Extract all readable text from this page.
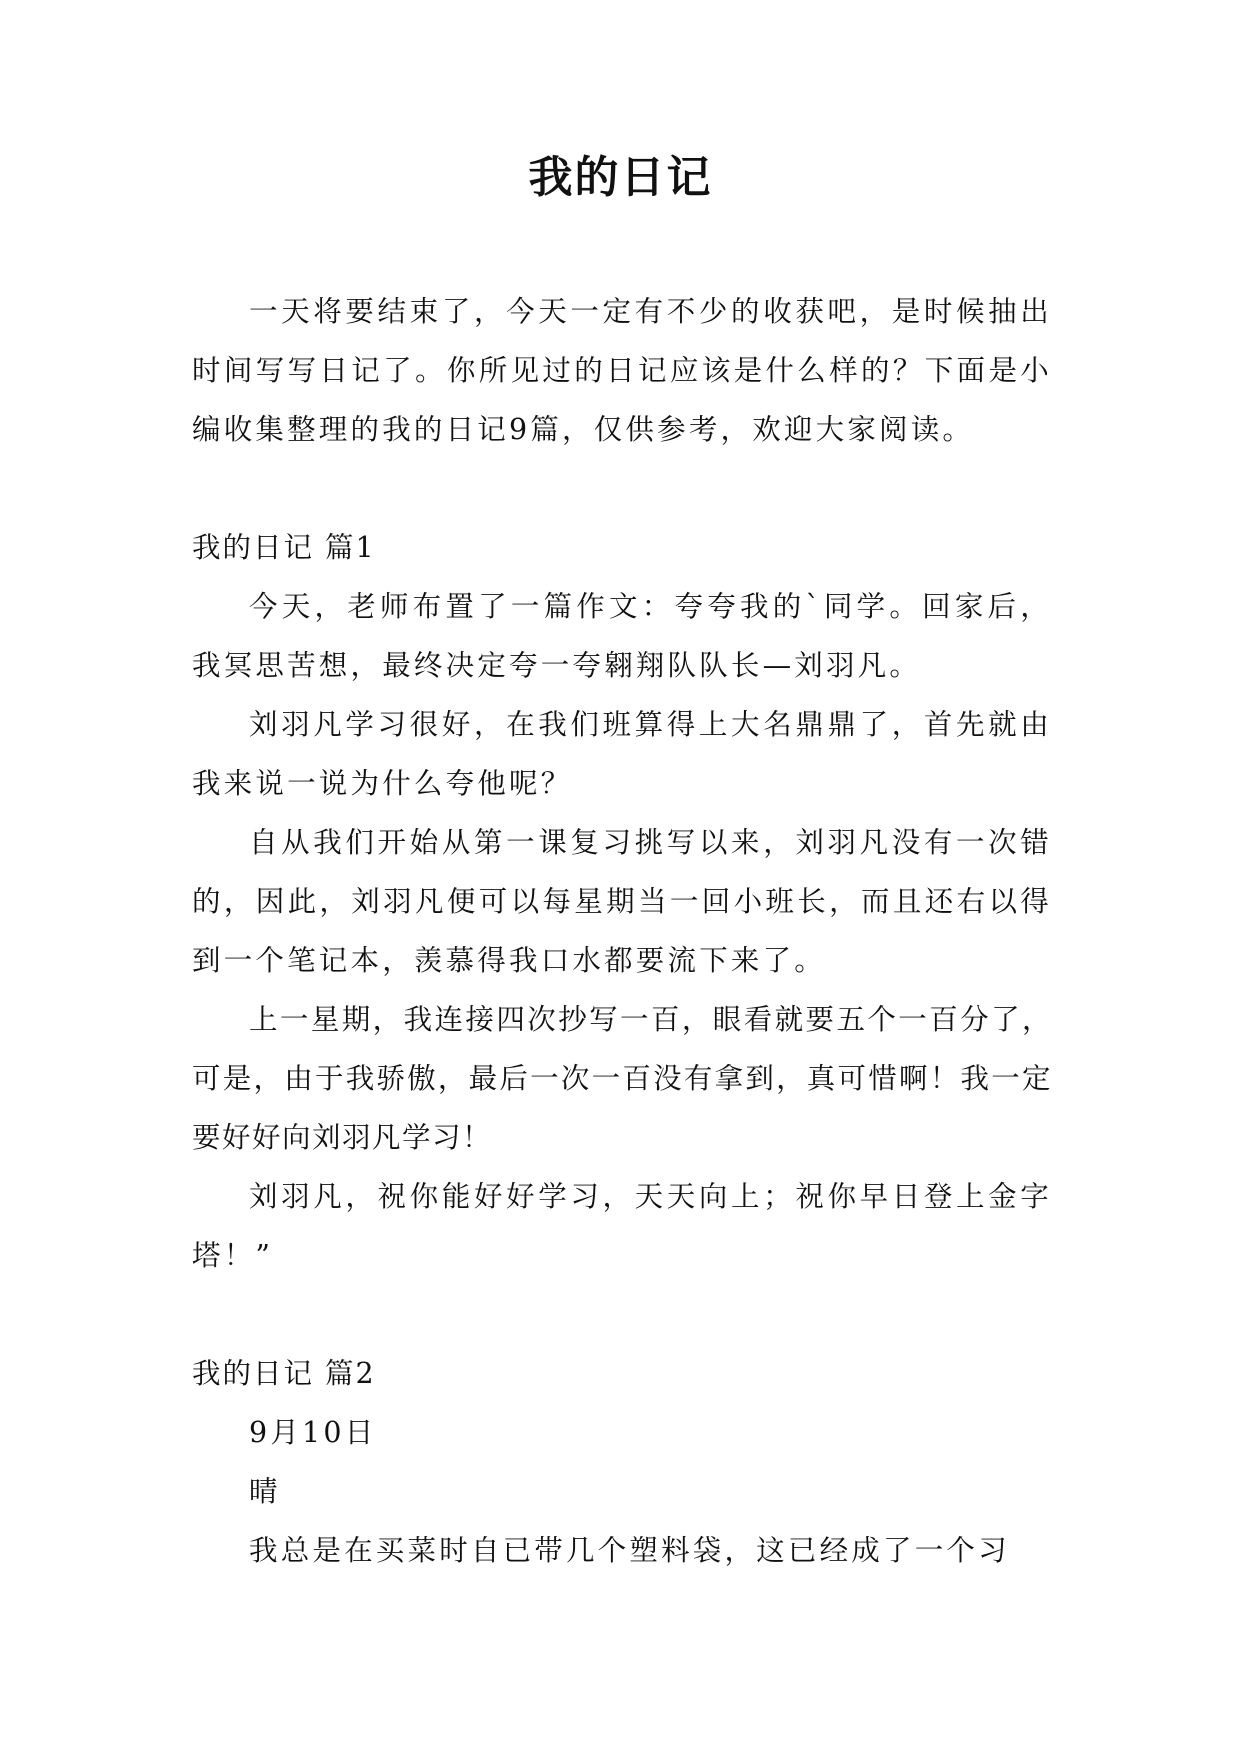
我的日记

一天将要结束了，今天一定有不少的收获吧，是时候抽出时间写写日记了。你所见过的日记应该是什么样的？下面是小编收集整理的我的日记9篇，仅供参考，欢迎大家阅读。

我的日记 篇1

今天，老师布置了一篇作文：夸夸我的`同学。回家后，我冥思苦想，最终决定夸一夸翱翔队队长—刘羽凡。

刘羽凡学习很好，在我们班算得上大名鼎鼎了，首先就由我来说一说为什么夸他呢？

自从我们开始从第一课复习挑写以来，刘羽凡没有一次错的，因此，刘羽凡便可以每星期当一回小班长，而且还右以得到一个笔记本，羡慕得我口水都要流下来了。

上一星期，我连接四次抄写一百，眼看就要五个一百分了，可是，由于我骄傲，最后一次一百没有拿到，真可惜啊！我一定要好好向刘羽凡学习！

刘羽凡，祝你能好好学习，天天向上；祝你早日登上金字塔！”

我的日记 篇2

9月10日

晴

我总是在买菜时自已带几个塑料袋，这已经成了一个习
